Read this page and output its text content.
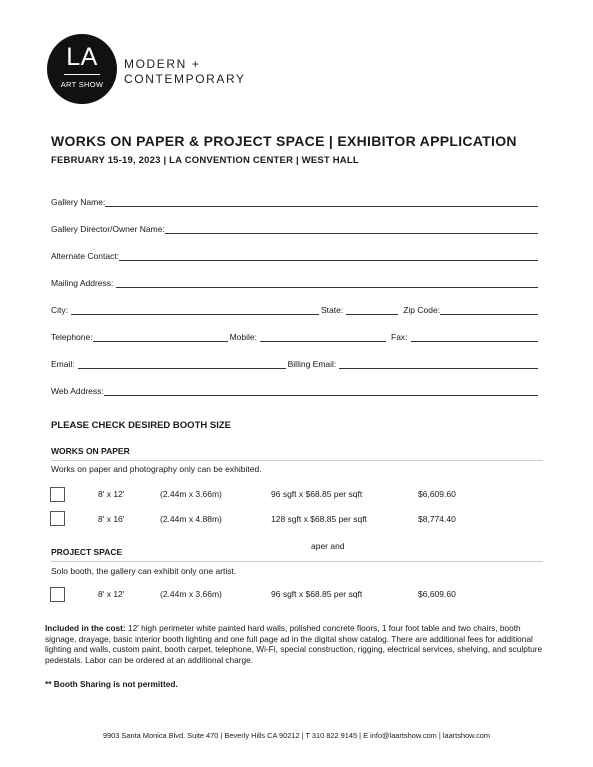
LA
ART SHOW
MODERN +
CONTEMPORARY
WORKS ON PAPER & PROJECT SPACE | EXHIBITOR APPLICATION
FEBRUARY 15-19, 2023 | LA CONVENTION CENTER | WEST HALL
Gallery Name:
Gallery Director/Owner Name:
Alternate Contact:
Mailing Address:
City:	State:	Zip Code:
Telephone:	Mobile:	Fax:
Email:	Billing Email:
Web Address:
PLEASE CHECK DESIRED BOOTH SIZE
WORKS ON PAPER
Works on paper and photography only can be exhibited.
8' x 12'	(2.44m x 3.66m)	96 sgft x $68.85 per sqft	$6,609.60
8' x 16'	(2.44m x 4.88m)	128 sgft x $68.85 per sqft	$8,774.40
aper and
PROJECT SPACE
Solo booth, the gallery can exhibit only one artist.
8' x 12'	(2.44m x 3.66m)	96 sgft x $68.85 per sqft	$6,609.60
Included in the cost: 12' high perimeter white painted hard walls, polished concrete floors, 1 four foot table and two chairs, booth signage, drayage, basic interior booth lighting and one full page ad in the digital show catalog. There are additional fees for additional lighting and walls, custom paint, booth carpet, telephone, Wi-Fi, special construction, rigging, electrical services, shelving, and sculpture pedestals. Labor can be ordered at an additional charge.
** Booth Sharing is not permitted.
9903 Santa Monica Blvd. Suite 470 | Beverly Hills CA 90212 | T 310 822 9145 | E info@laartshow.com | laartshow.com
